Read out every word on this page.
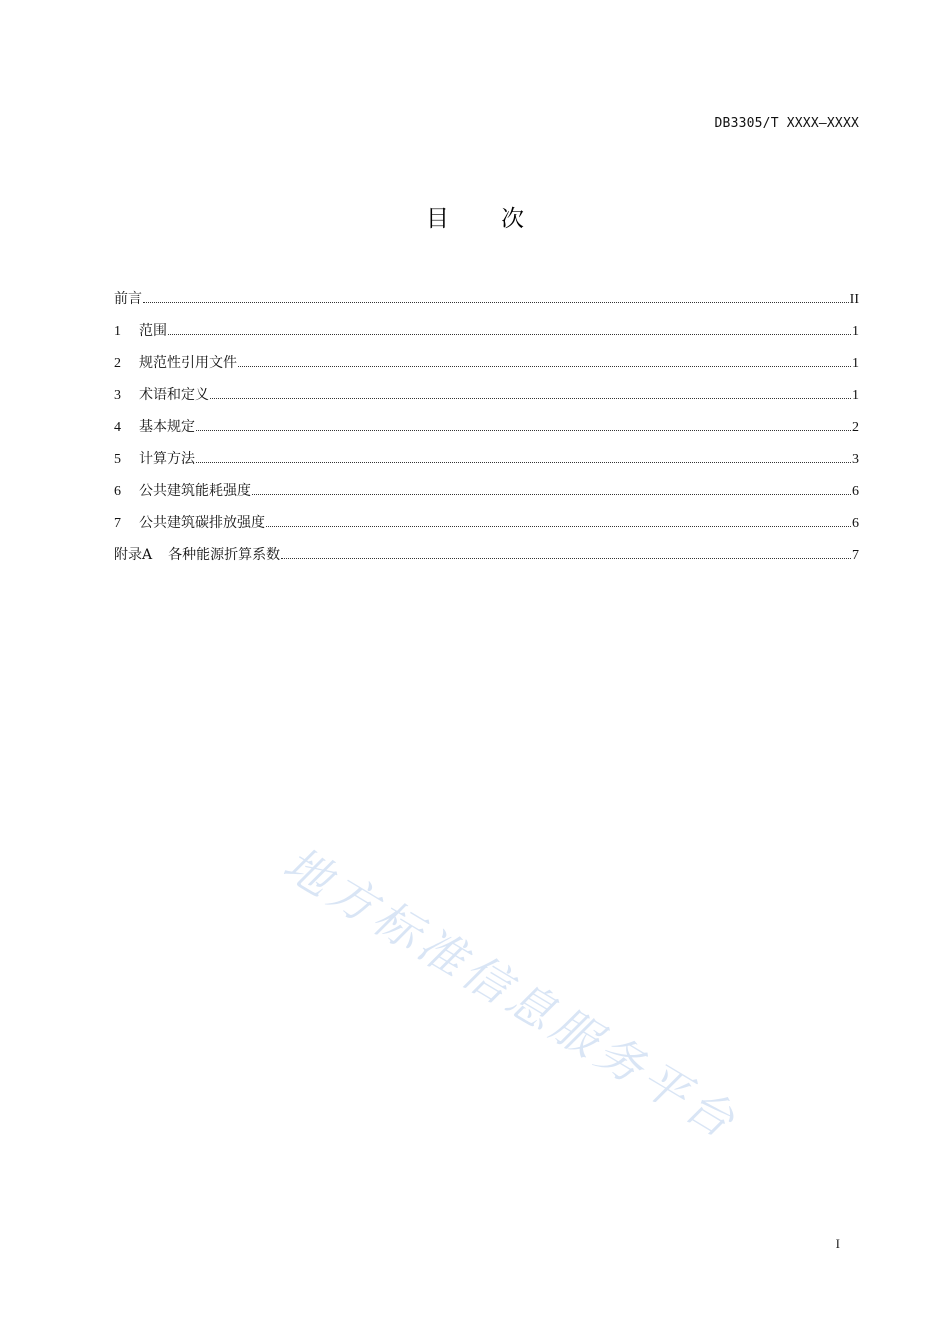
DB3305/T XXXX—XXXX
目次
前言	II
1	范围	1
2	规范性引用文件	1
3	术语和定义	1
4	基本规定	2
5	计算方法	3
6	公共建筑能耗强度	6
7	公共建筑碳排放强度	6
附录A 各种能源折算系数	7
地方标准信息服务平台
I
